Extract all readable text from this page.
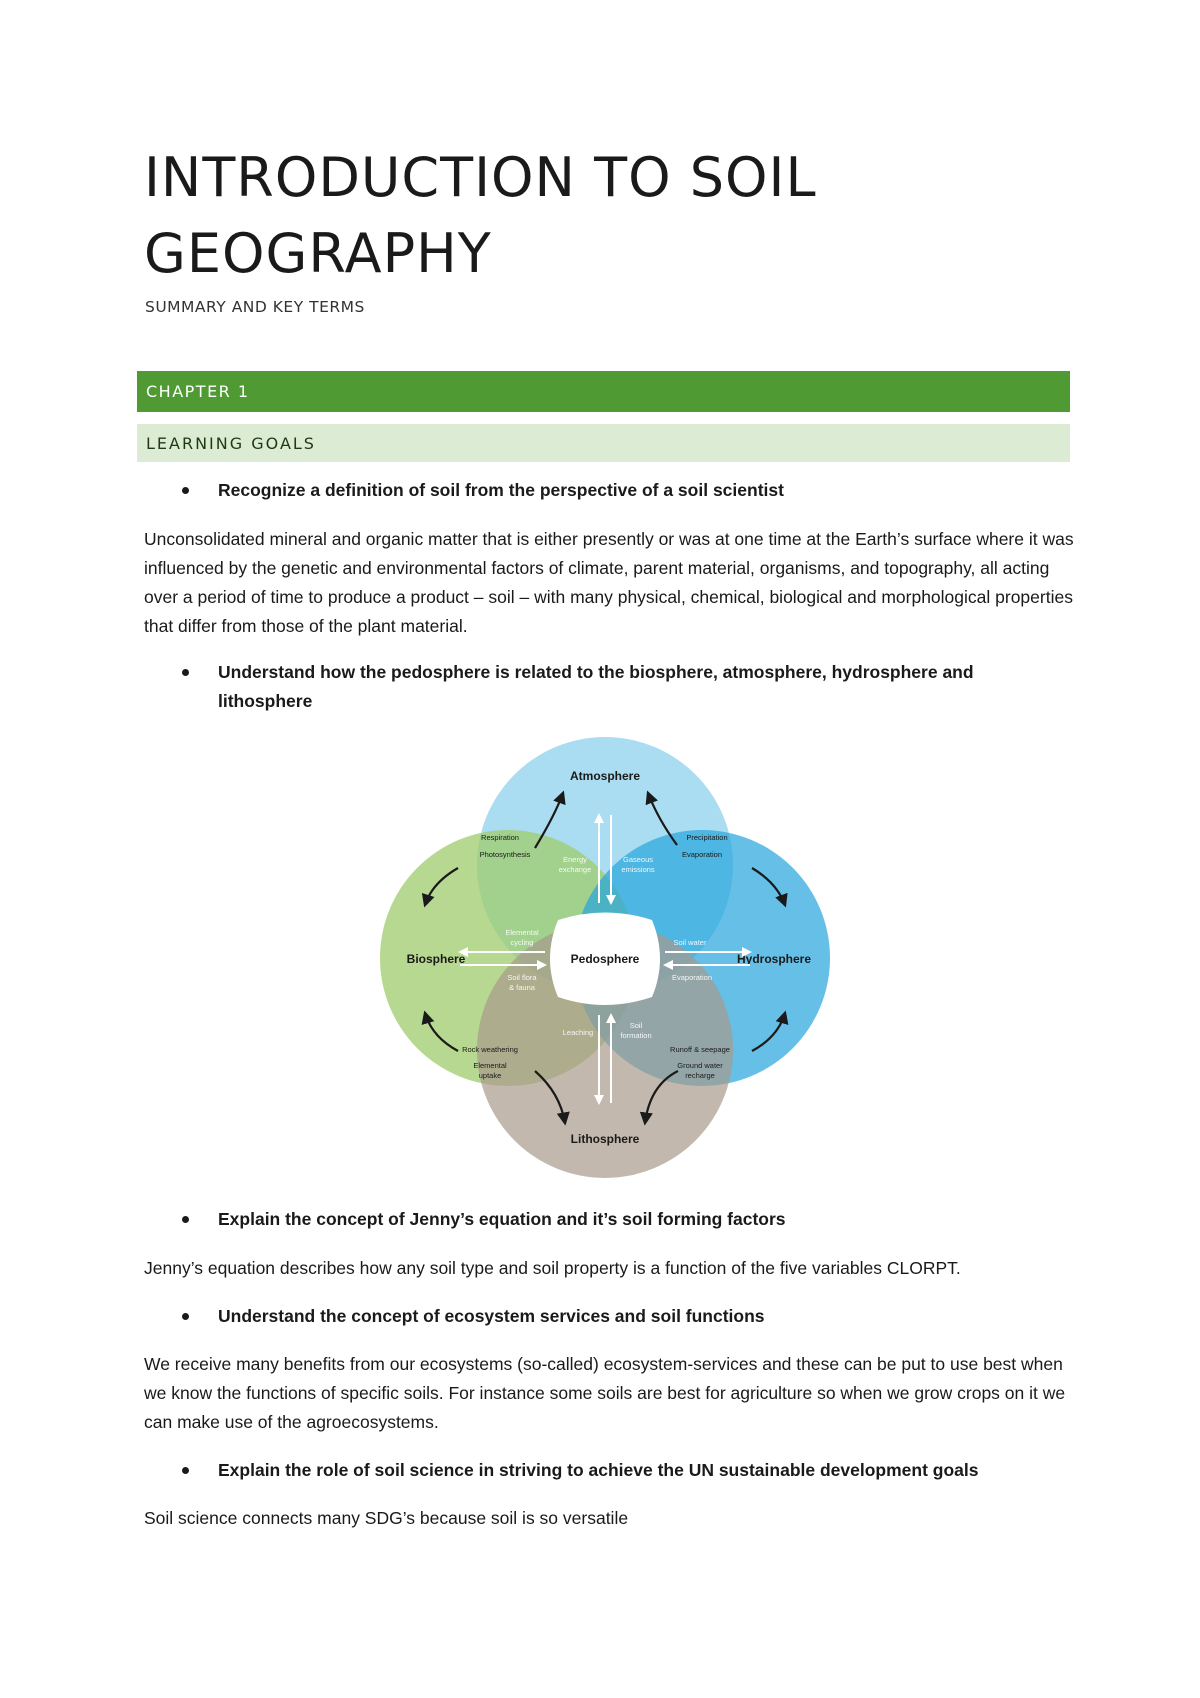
INTRODUCTION TO SOIL GEOGRAPHY
SUMMARY AND KEY TERMS
CHAPTER 1
LEARNING GOALS
Recognize a definition of soil from the perspective of a soil scientist

Unconsolidated mineral and organic matter that is either presently or was at one time at the Earth’s surface where it was influenced by the genetic and environmental factors of climate, parent material, organisms, and topography, all acting over a period of time to produce a product – soil – with many physical, chemical, biological and morphological properties that differ from those of the plant material.

Understand how the pedosphere is related to the biosphere, atmosphere, hydrosphere and lithosphere
Atmosphere
Biosphere	Hydrosphere
Lithosphere
Pedosphere
Respiration
Photosynthesis
Precipitation
Evaporation
Rock weathering
Elemental
uptake
Runoff & seepage
Ground water
recharge
Energy
exchange
Gaseous
emissions
Elemental
cycling
Soil flora
& fauna
Soil water
Evaporation
Leaching
Soil
formation
Explain the concept of Jenny’s equation and it’s soil forming factors

Jenny’s equation describes how any soil type and soil property is a function of the five variables CLORPT.

Understand the concept of ecosystem services and soil functions

We receive many benefits from our ecosystems (so-called) ecosystem-services and these can be put to use best when we know the functions of specific soils. For instance some soils are best for agriculture so when we grow crops on it we can make use of the agroecosystems.

Explain the role of soil science in striving to achieve the UN sustainable development goals

Soil science connects many SDG’s because soil is so versatile
